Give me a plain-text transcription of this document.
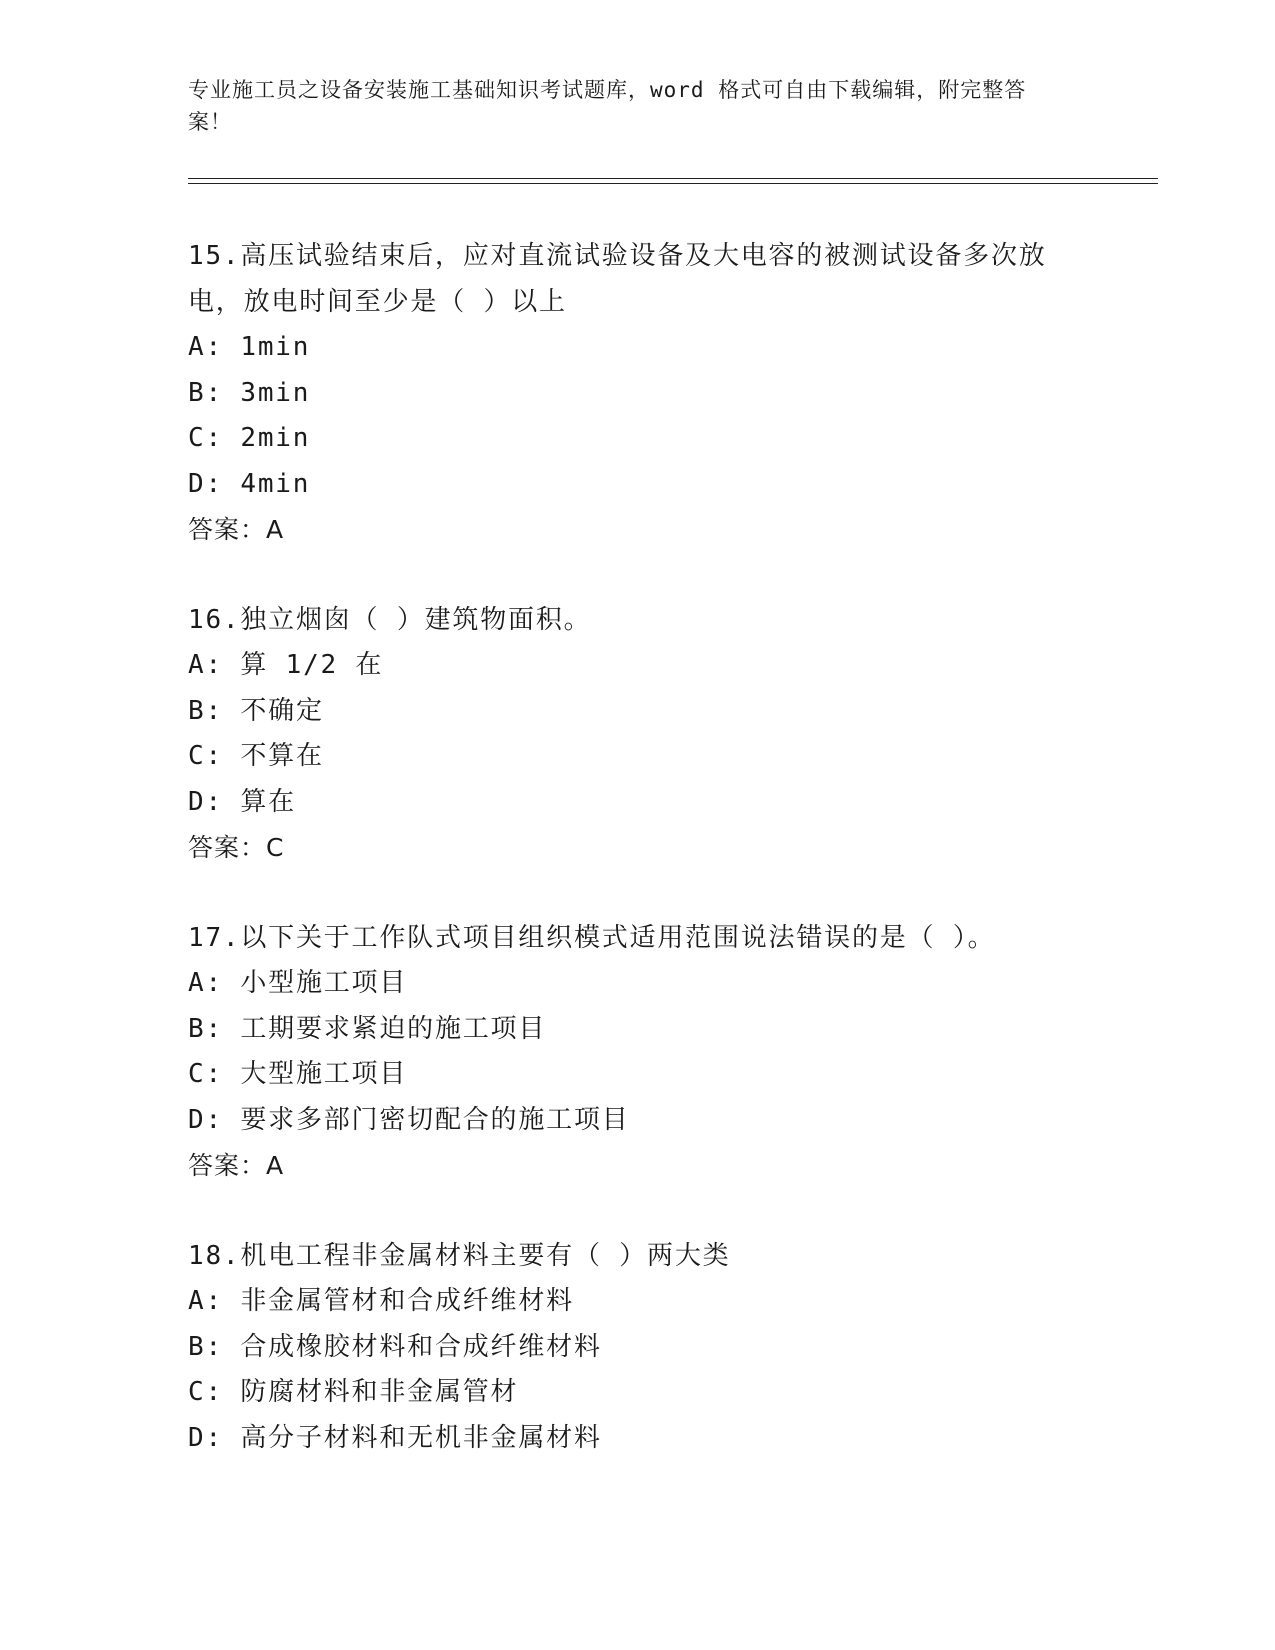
专业施工员之设备安装施工基础知识考试题库，word 格式可自由下载编辑，附完整答案！
15.高压试验结束后，应对直流试验设备及大电容的被测试设备多次放电，放电时间至少是（ ）以上
A: 1min
B: 3min
C: 2min
D: 4min
答案：A
16.独立烟囱（ ）建筑物面积。
A: 算 1/2 在
B: 不确定
C: 不算在
D: 算在
答案：C
17.以下关于工作队式项目组织模式适用范围说法错误的是（ ）。
A: 小型施工项目
B: 工期要求紧迫的施工项目
C: 大型施工项目
D: 要求多部门密切配合的施工项目
答案：A
18.机电工程非金属材料主要有（ ）两大类
A: 非金属管材和合成纤维材料
B: 合成橡胶材料和合成纤维材料
C: 防腐材料和非金属管材
D: 高分子材料和无机非金属材料
